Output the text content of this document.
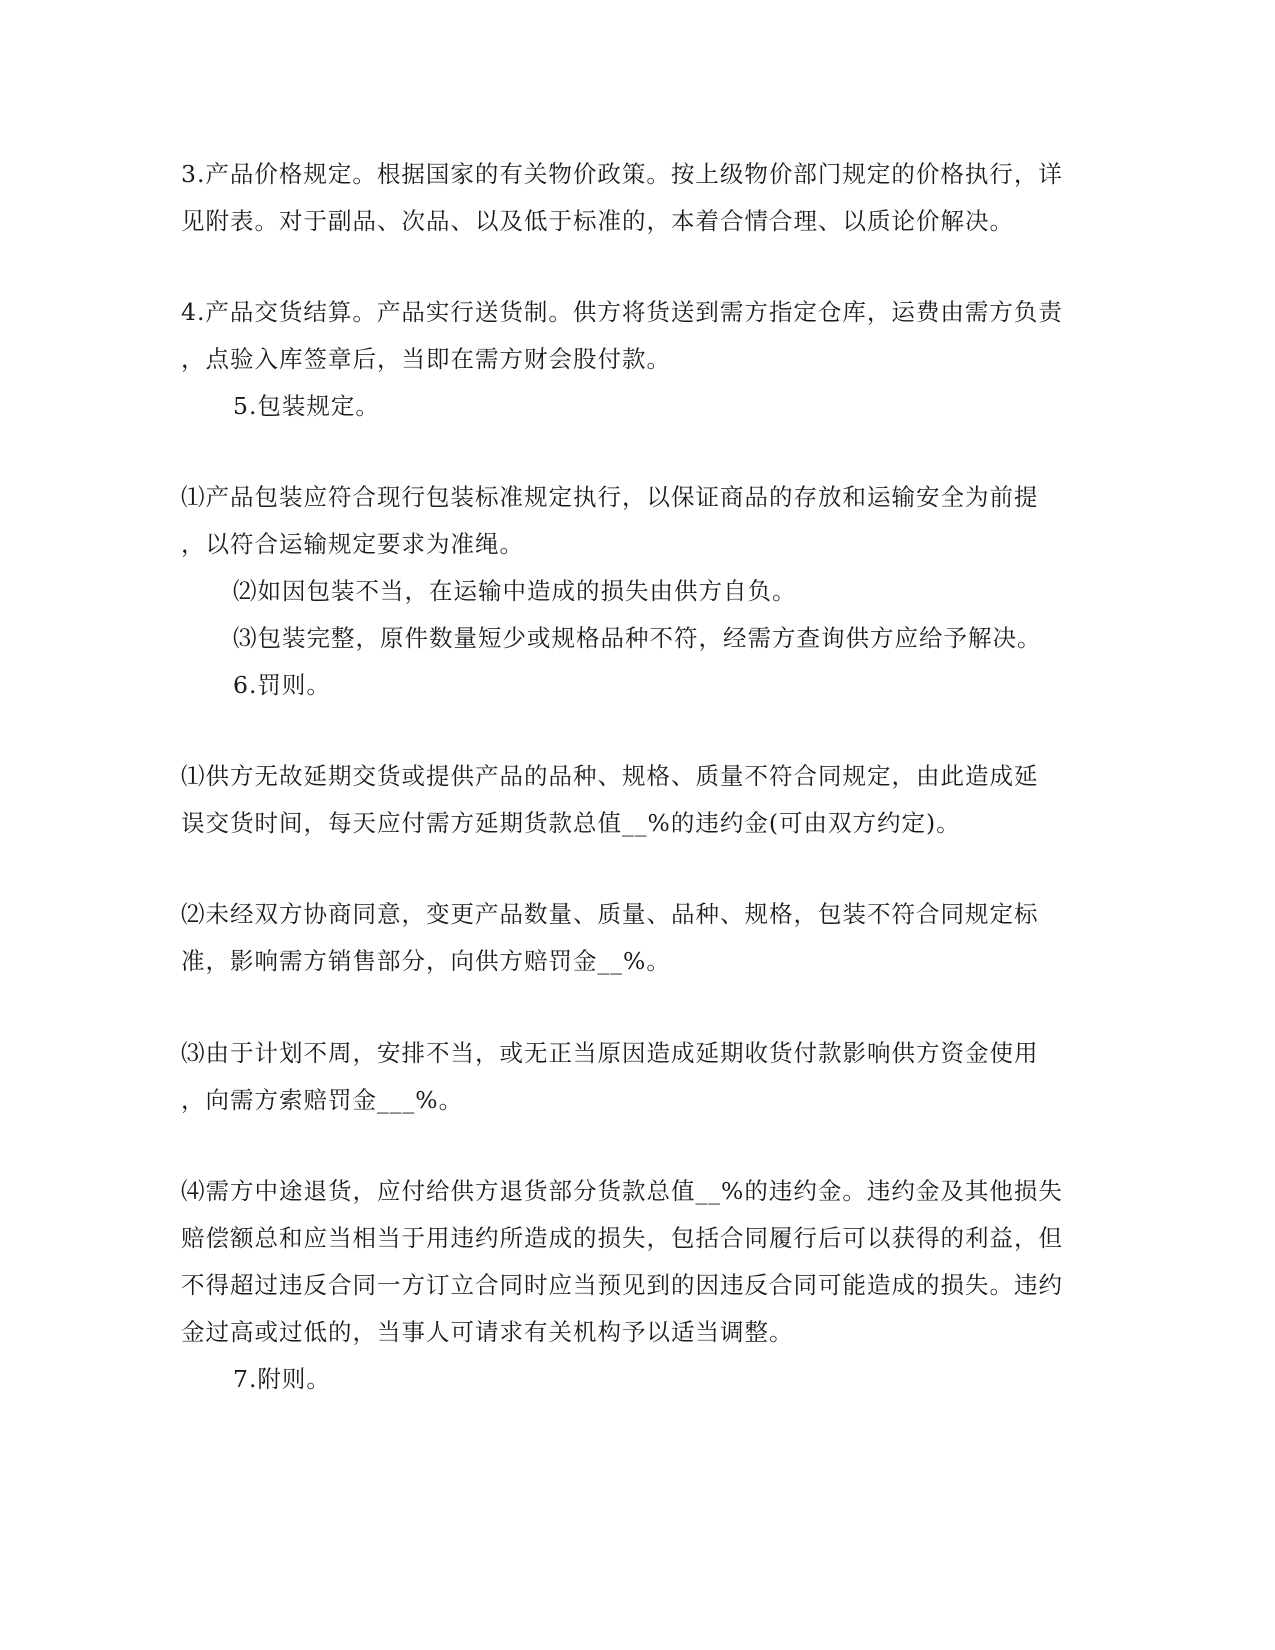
3.产品价格规定。根据国家的有关物价政策。按上级物价部门规定的价格执行，详
见附表。对于副品、次品、以及低于标准的，本着合情合理、以质论价解决。
4.产品交货结算。产品实行送货制。供方将货送到需方指定仓库，运费由需方负责
，点验入库签章后，当即在需方财会股付款。
5.包装规定。
⑴产品包装应符合现行包装标准规定执行，以保证商品的存放和运输安全为前提
，以符合运输规定要求为准绳。
⑵如因包装不当，在运输中造成的损失由供方自负。
⑶包装完整，原件数量短少或规格品种不符，经需方查询供方应给予解决。
6.罚则。
⑴供方无故延期交货或提供产品的品种、规格、质量不符合同规定，由此造成延
误交货时间，每天应付需方延期货款总值__%的违约金(可由双方约定)。
⑵未经双方协商同意，变更产品数量、质量、品种、规格，包装不符合同规定标
准，影响需方销售部分，向供方赔罚金__%。
⑶由于计划不周，安排不当，或无正当原因造成延期收货付款影响供方资金使用
，向需方索赔罚金___%。
⑷需方中途退货，应付给供方退货部分货款总值__%的违约金。违约金及其他损失
赔偿额总和应当相当于用违约所造成的损失，包括合同履行后可以获得的利益，但
不得超过违反合同一方订立合同时应当预见到的因违反合同可能造成的损失。违约
金过高或过低的，当事人可请求有关机构予以适当调整。
7.附则。
